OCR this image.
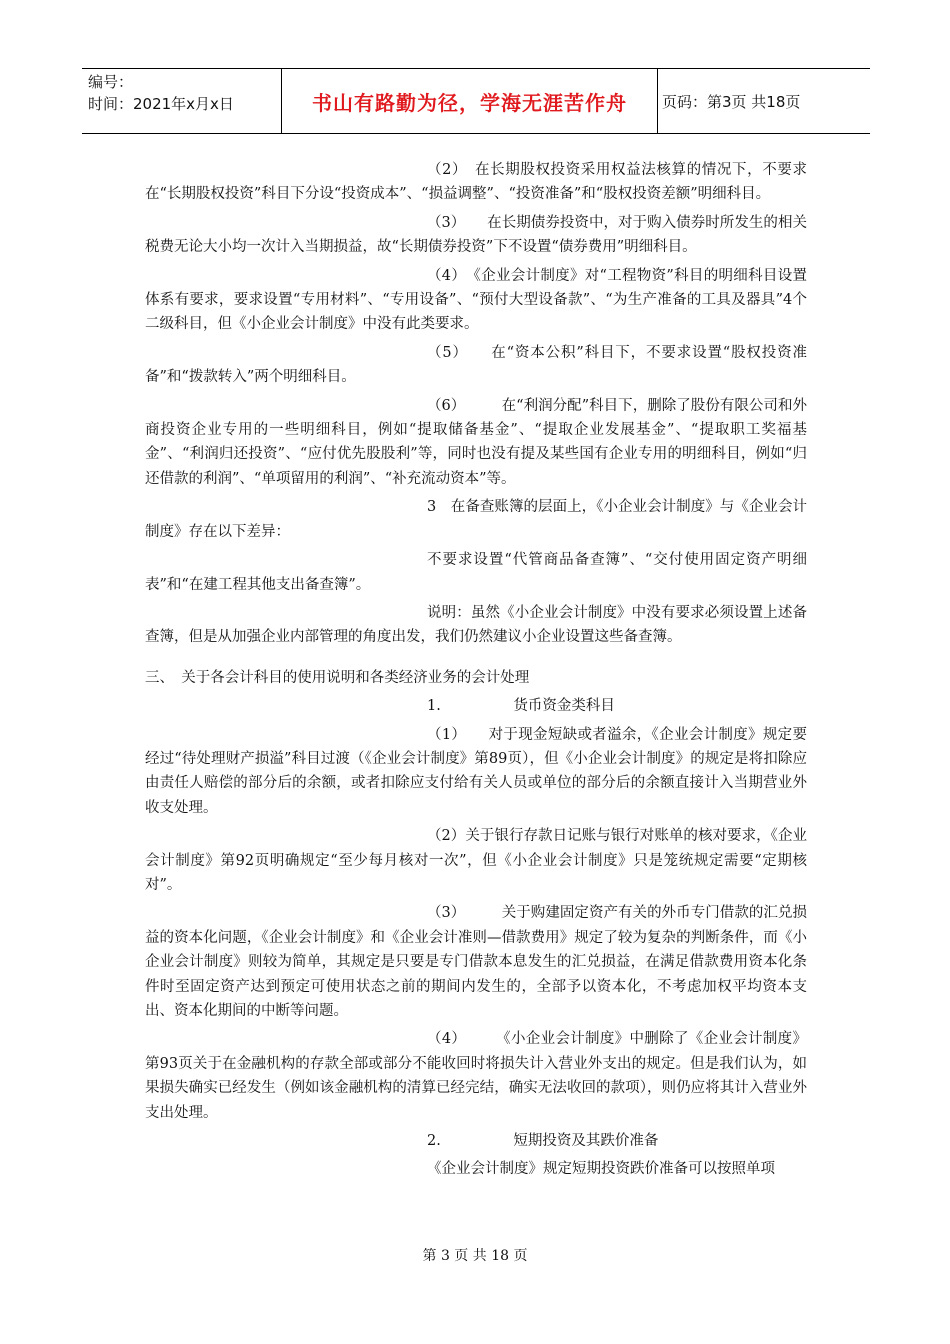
编号：
时间：2021年x月x日	书山有路勤为径，学海无涯苦作舟 页码：第3页 共18页

（2）　在长期股权投资采用权益法核算的情况下，不要求在“长期股权投资”科目下分设“投资成本”、“损益调整”、“投资准备”和“股权投资差额”明细科目。

（3）　　在长期债券投资中，对于购入债券时所发生的相关税费无论大小均一次计入当期损益，故“长期债券投资”下不设置“债券费用”明细科目。

（4）　《企业会计制度》对“工程物资”科目的明细科目设置体系有要求，要求设置“专用材料”、“专用设备”、“预付大型设备款”、“为生产准备的工具及器具”4个二级科目，但《小企业会计制度》中没有此类要求。

（5）　　在“资本公积”科目下，不要求设置“股权投资准备”和“拨款转入”两个明细科目。

（6）　　　在“利润分配”科目下，删除了股份有限公司和外商投资企业专用的一些明细科目，例如“提取储备基金”、“提取企业发展基金”、“提取职工奖福基金”、“利润归还投资”、“应付优先股股利”等，同时也没有提及某些国有企业专用的明细科目，例如“归还借款的利润”、“单项留用的利润”、“补充流动资本”等。

3　在备查账簿的层面上，《小企业会计制度》与《企业会计制度》存在以下差异：

不要求设置“代管商品备查簿”、“交付使用固定资产明细表”和“在建工程其他支出备查簿”。

说明：虽然《小企业会计制度》中没有要求必须设置上述备查簿，但是从加强企业内部管理的角度出发，我们仍然建议小企业设置这些备查簿。

三、　关于各会计科目的使用说明和各类经济业务的会计处理

1.　　　　　货币资金类科目

（1）　　对于现金短缺或者溢余，《企业会计制度》规定要经过“待处理财产损溢”科目过渡（《企业会计制度》第89页），但《小企业会计制度》的规定是将扣除应由责任人赔偿的部分后的余额，或者扣除应支付给有关人员或单位的部分后的余额直接计入当期营业外收支处理。

（2）关于银行存款日记账与银行对账单的核对要求，《企业会计制度》第92页明确规定“至少每月核对一次”，但《小企业会计制度》只是笼统规定需要“定期核对”。

（3）　　　关于购建固定资产有关的外币专门借款的汇兑损益的资本化问题，《企业会计制度》和《企业会计准则—借款费用》规定了较为复杂的判断条件，而《小企业会计制度》则较为简单，其规定是只要是专门借款本息发生的汇兑损益，在满足借款费用资本化条件时至固定资产达到预定可使用状态之前的期间内发生的，全部予以资本化，不考虑加权平均资本支出、资本化期间的中断等问题。

（4）　　　《小企业会计制度》中删除了《企业会计制度》第93页关于在金融机构的存款全部或部分不能收回时将损失计入营业外支出的规定。但是我们认为，如果损失确实已经发生（例如该金融机构的清算已经完结，确实无法收回的款项），则仍应将其计入营业外支出处理。

2.　　　　　短期投资及其跌价准备

《企业会计制度》规定短期投资跌价准备可以按照单项

第 3 页 共 18 页
